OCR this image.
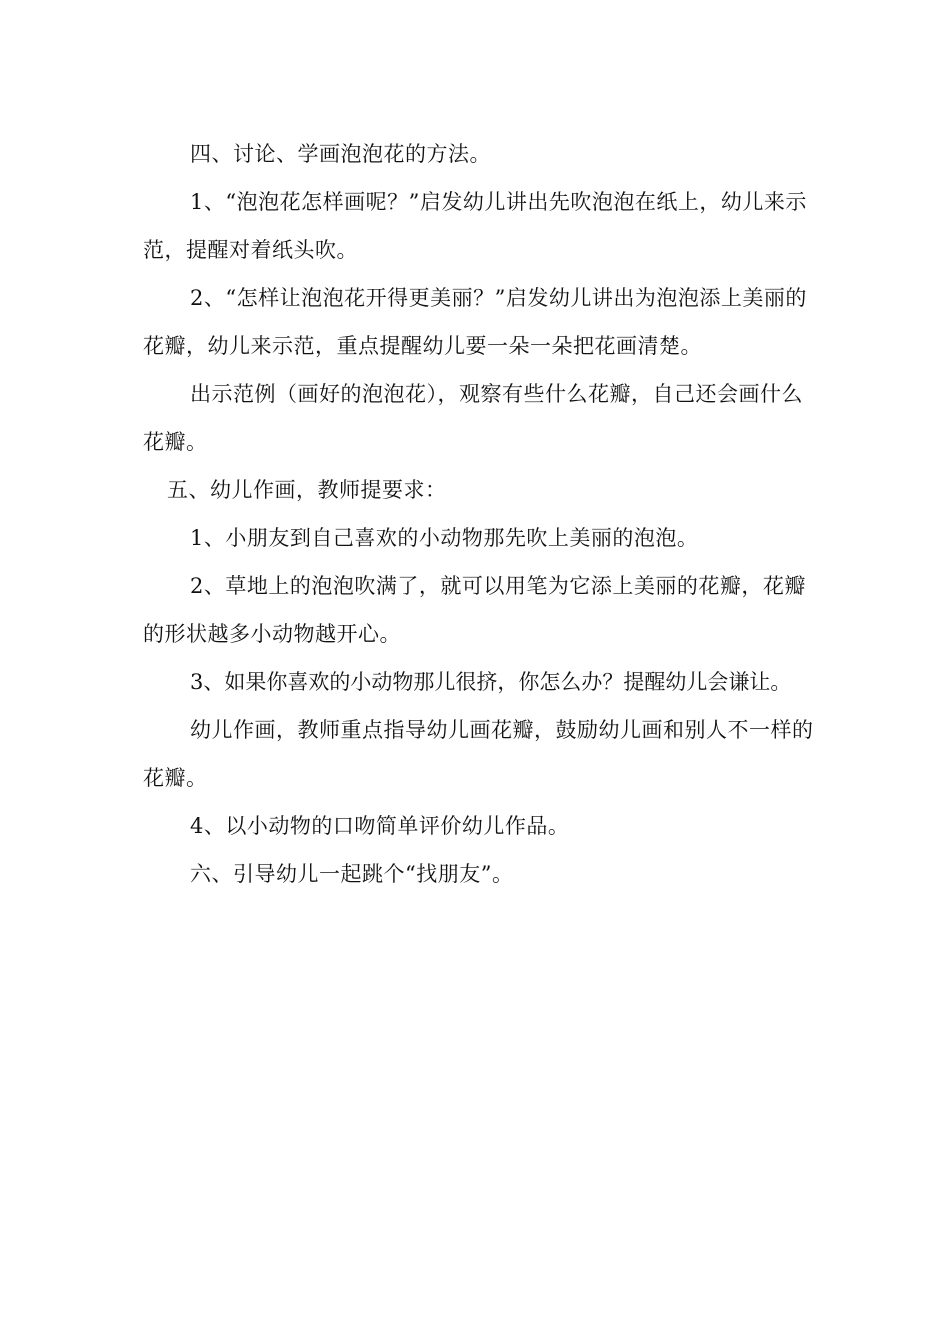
四、讨论、学画泡泡花的方法。

1、“泡泡花怎样画呢？”启发幼儿讲出先吹泡泡在纸上，幼儿来示范，提醒对着纸头吹。

2、“怎样让泡泡花开得更美丽？”启发幼儿讲出为泡泡添上美丽的花瓣，幼儿来示范，重点提醒幼儿要一朵一朵把花画清楚。

出示范例（画好的泡泡花），观察有些什么花瓣，自己还会画什么花瓣。

五、幼儿作画，教师提要求：

1、小朋友到自己喜欢的小动物那先吹上美丽的泡泡。

2、草地上的泡泡吹满了，就可以用笔为它添上美丽的花瓣，花瓣的形状越多小动物越开心。

3、如果你喜欢的小动物那儿很挤，你怎么办？提醒幼儿会谦让。

幼儿作画，教师重点指导幼儿画花瓣，鼓励幼儿画和别人不一样的花瓣。

4、以小动物的口吻简单评价幼儿作品。

六、引导幼儿一起跳个“找朋友”。
